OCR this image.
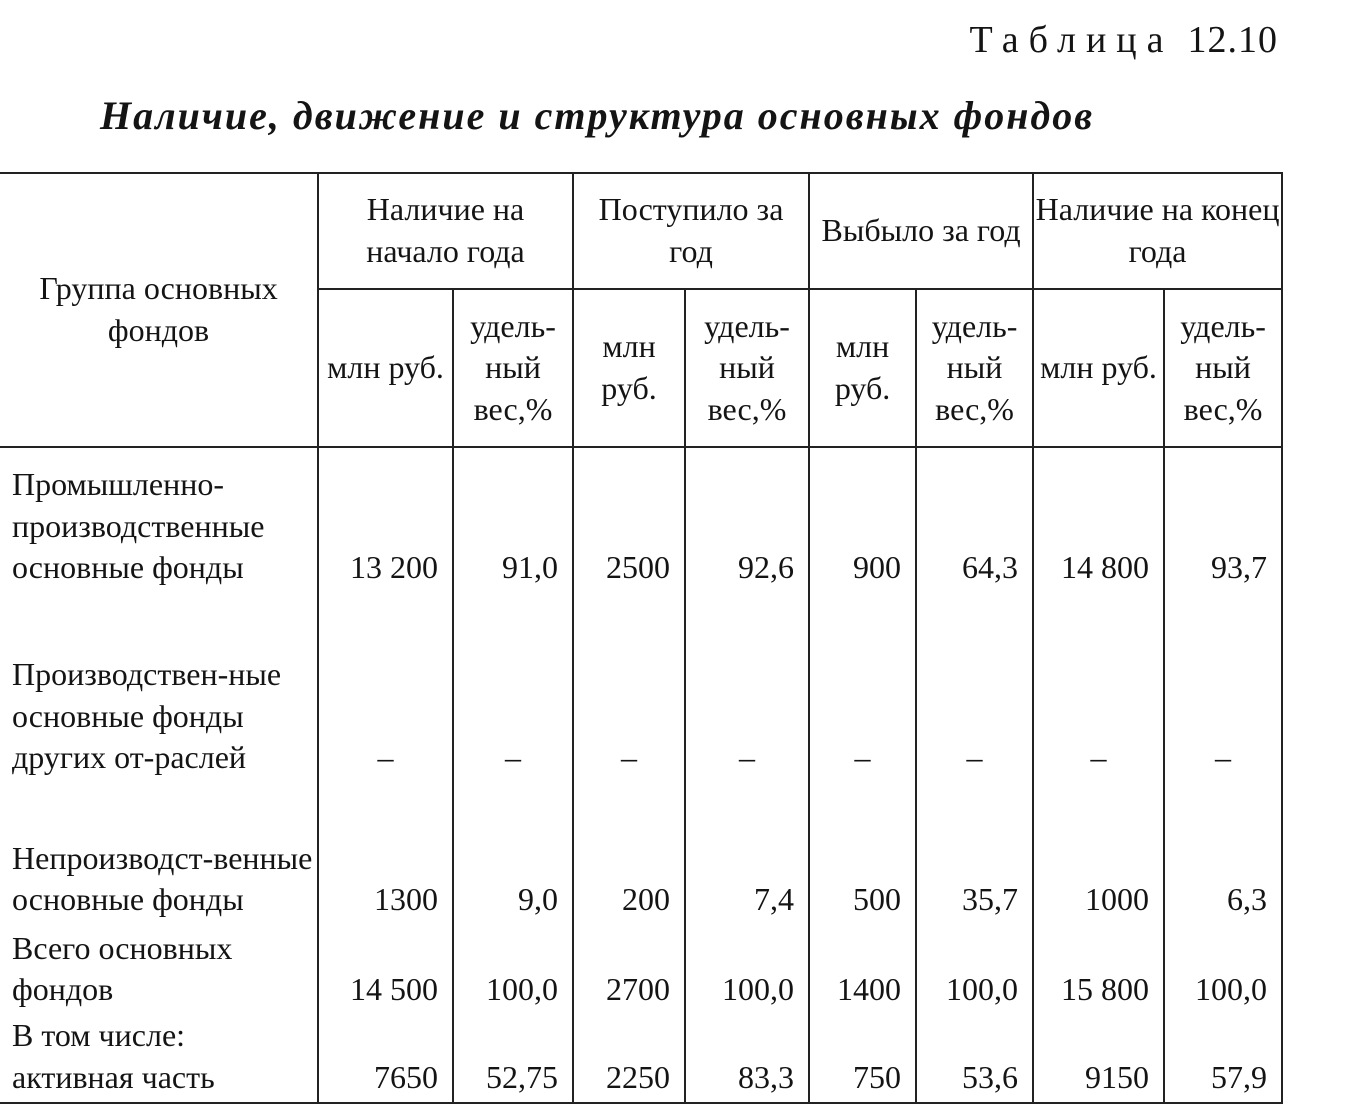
Таблица 12.10
Наличие, движение и структура основных фондов
Группа основных фондов	Наличие на начало года		Поступило за год		Выбыло за год		Наличие на конец года	
	млн руб.	удель-ный вес,%	млн руб.	удель-ный вес,%	млн руб.	удель-ный вес,%	млн руб.	удель-ный вес,%
Промышленно-производственные основные фонды	13 200	91,0	2500	92,6	900	64,3	14 800	93,7
Производствен-ные основные фонды других от-раслей	–	–	–	–	–	–	–	–
Непроизводст-венные основные фонды	1300	9,0	200	7,4	500	35,7	1000	6,3
Всего основных фондов	14 500	100,0	2700	100,0	1400	100,0	15 800	100,0
В том числе: активная часть	7650	52,75	2250	83,3	750	53,6	9150	57,9
